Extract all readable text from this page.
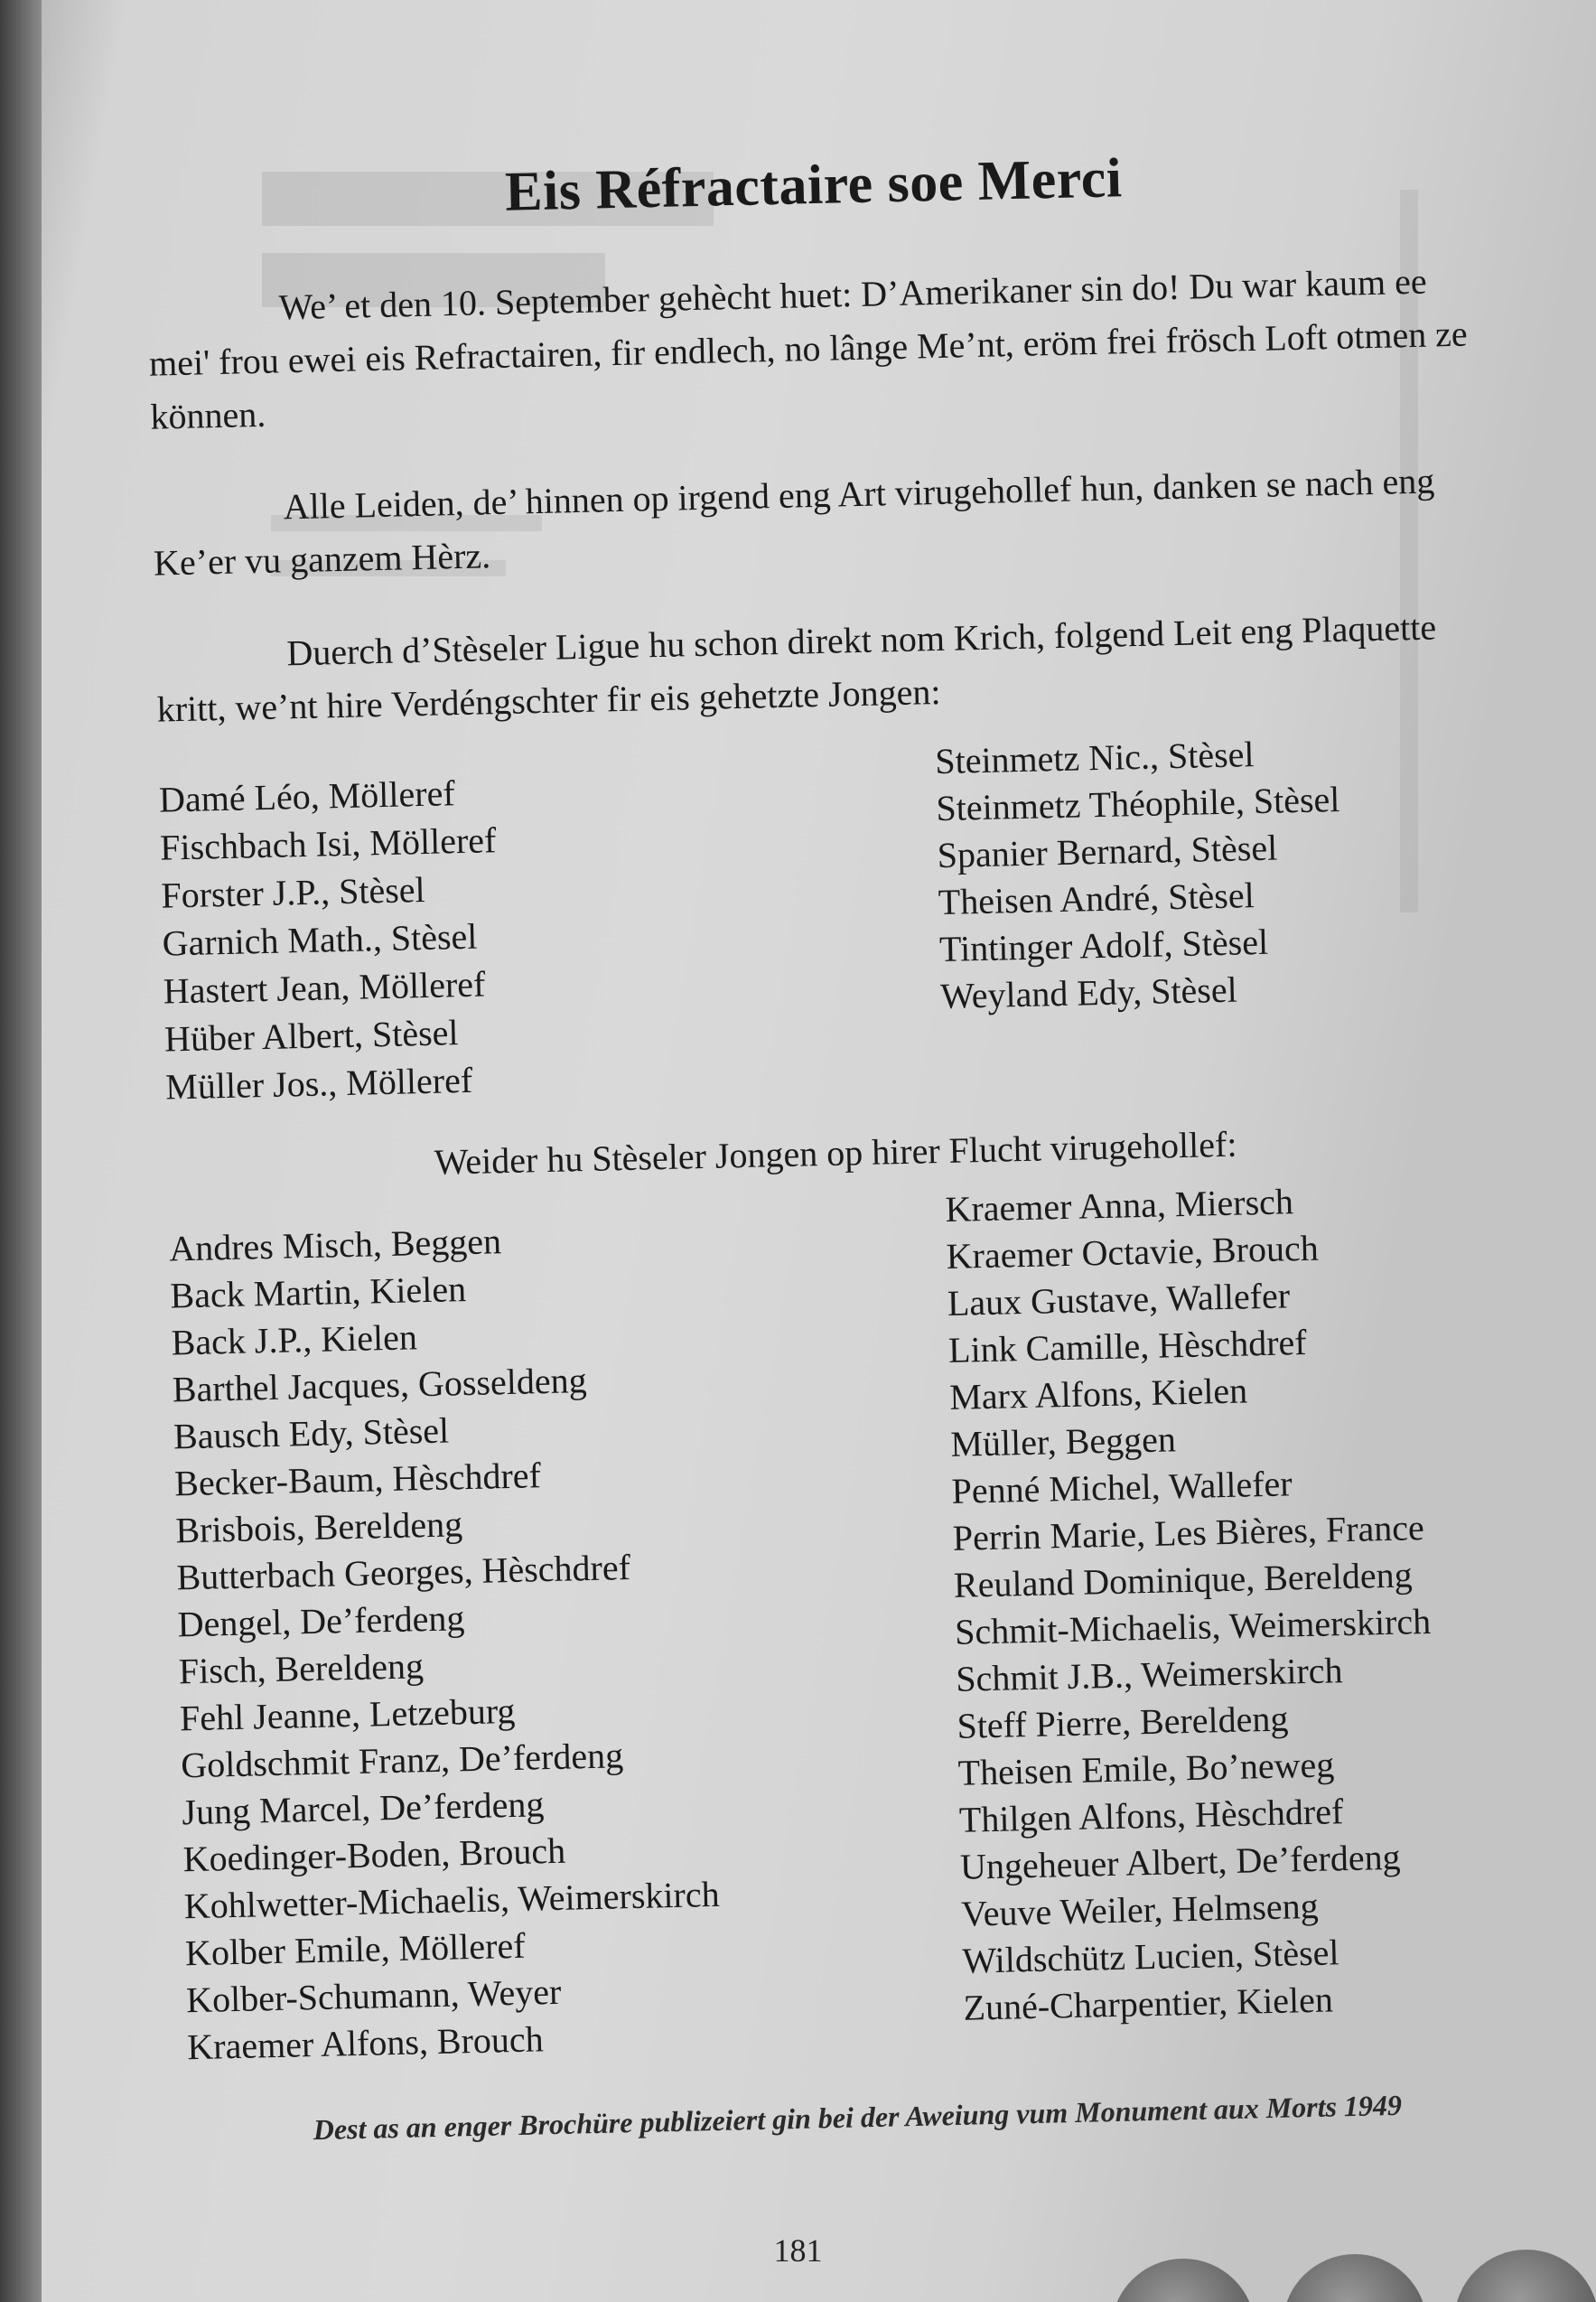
Eis Réfractaire soe Merci

We’ et den 10. September gehècht huet: D’Amerikaner sin do! Du war kaum ee mei' frou ewei eis Refractairen, fir endlech, no lânge Me’nt, eröm frei frösch Loft otmen ze können.

Alle Leiden, de’ hinnen op irgend eng Art virugehollef hun, danken se nach eng Ke’er vu ganzem Hèrz.

Duerch d’Stèseler Ligue hu schon direkt nom Krich, folgend Leit eng Plaquette kritt, we’nt hire Verdéngschter fir eis gehetzte Jongen:

Damé Léo, Mölleref
Fischbach Isi, Mölleref
Forster J.P., Stèsel
Garnich Math., Stèsel
Hastert Jean, Mölleref
Hüber Albert, Stèsel
Müller Jos., Mölleref
Steinmetz Nic., Stèsel
Steinmetz Théophile, Stèsel
Spanier Bernard, Stèsel
Theisen André, Stèsel
Tintinger Adolf, Stèsel
Weyland Edy, Stèsel
Weider hu Stèseler Jongen op hirer Flucht virugehollef:
Andres Misch, Beggen
Back Martin, Kielen
Back J.P., Kielen
Barthel Jacques, Gosseldeng
Bausch Edy, Stèsel
Becker-Baum, Hèschdref
Brisbois, Bereldeng
Butterbach Georges, Hèschdref
Dengel, De’ferdeng
Fisch, Bereldeng
Fehl Jeanne, Letzeburg
Goldschmit Franz, De’ferdeng
Jung Marcel, De’ferdeng
Koedinger-Boden, Brouch
Kohlwetter-Michaelis, Weimerskirch
Kolber Emile, Mölleref
Kolber-Schumann, Weyer
Kraemer Alfons, Brouch
Kraemer Anna, Miersch
Kraemer Octavie, Brouch
Laux Gustave, Wallefer
Link Camille, Hèschdref
Marx Alfons, Kielen
Müller, Beggen
Penné Michel, Wallefer
Perrin Marie, Les Bières, France
Reuland Dominique, Bereldeng
Schmit-Michaelis, Weimerskirch
Schmit J.B., Weimerskirch
Steff Pierre, Bereldeng
Theisen Emile, Bo’neweg
Thilgen Alfons, Hèschdref
Ungeheuer Albert, De’ferdeng
Veuve Weiler, Helmseng
Wildschütz Lucien, Stèsel
Zuné-Charpentier, Kielen
Dest as an enger Brochüre publizeiert gin bei der Aweiung vum Monument aux Morts 1949
181
